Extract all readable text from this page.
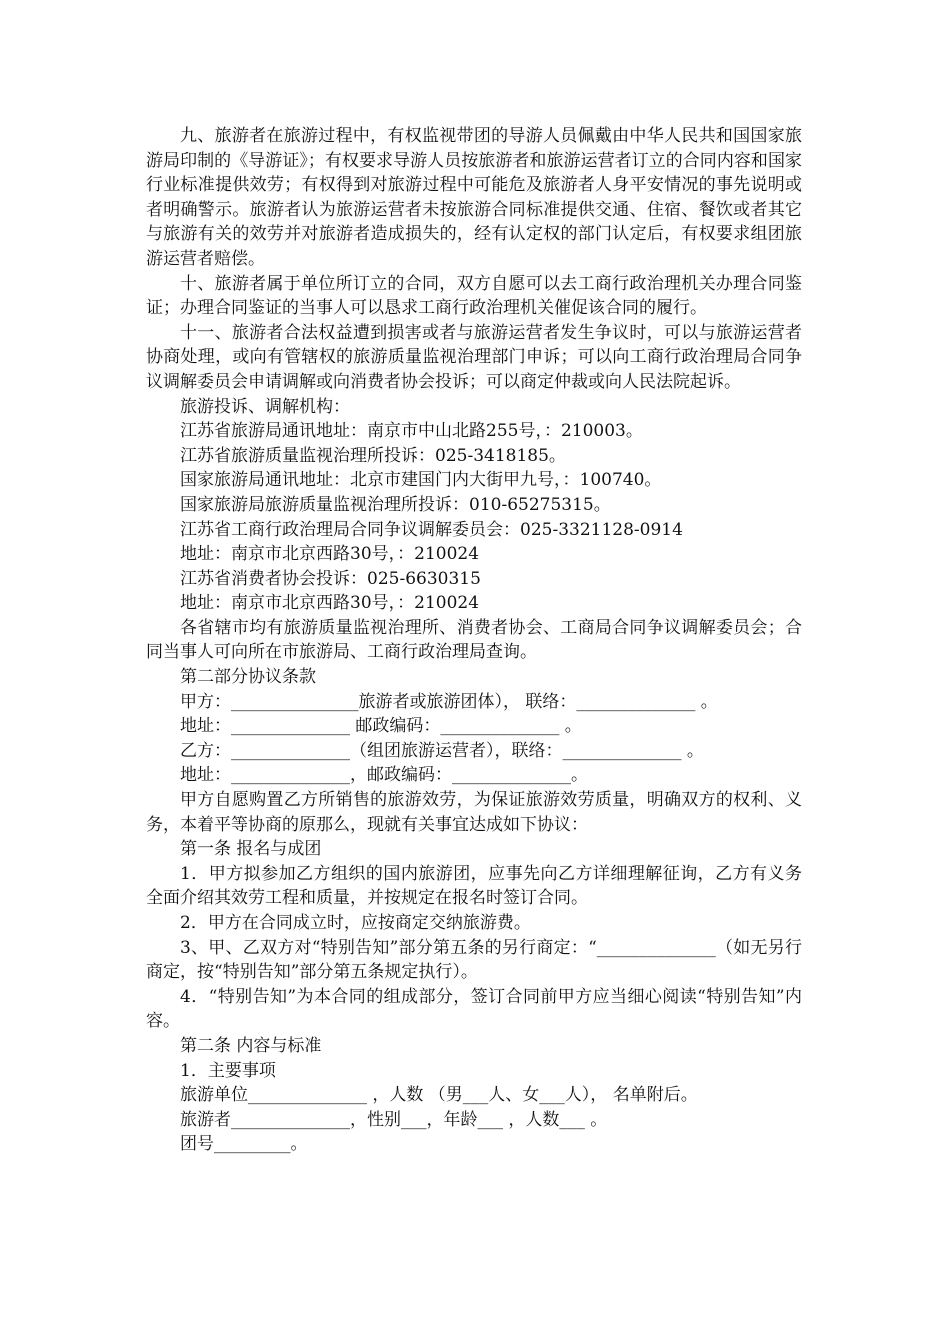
九、旅游者在旅游过程中，有权监视带团的导游人员佩戴由中华人民共和国国家旅游局印制的《导游证》；有权要求导游人员按旅游者和旅游运营者订立的合同内容和国家行业标准提供效劳；有权得到对旅游过程中可能危及旅游者人身平安情况的事先说明或者明确警示。旅游者认为旅游运营者未按旅游合同标准提供交通、住宿、餐饮或者其它与旅游有关的效劳并对旅游者造成损失的，经有认定权的部门认定后，有权要求组团旅游运营者赔偿。

十、旅游者属于单位所订立的合同，双方自愿可以去工商行政治理机关办理合同鉴证；办理合同鉴证的当事人可以恳求工商行政治理机关催促该合同的履行。

十一、旅游者合法权益遭到损害或者与旅游运营者发生争议时，可以与旅游运营者协商处理，或向有管辖权的旅游质量监视治理部门申诉；可以向工商行政治理局合同争议调解委员会申请调解或向消费者协会投诉；可以商定仲裁或向人民法院起诉。

旅游投诉、调解机构：

江苏省旅游局通讯地址：南京市中山北路255号，：210003。

江苏省旅游质量监视治理所投诉：025-3418185。

国家旅游局通讯地址：北京市建国门内大街甲九号，：100740。

国家旅游局旅游质量监视治理所投诉：010-65275315。

江苏省工商行政治理局合同争议调解委员会：025-3321128-0914

地址：南京市北京西路30号，：210024

江苏省消费者协会投诉：025-6630315

地址：南京市北京西路30号，：210024

各省辖市均有旅游质量监视治理所、消费者协会、工商局合同争议调解委员会；合同当事人可向所在市旅游局、工商行政治理局查询。

第二部分协议条款

甲方：_______________旅游者或旅游团体）， 联络：______________ 。

地址：______________ 邮政编码：______________ 。

乙方：______________（组团旅游运营者），联络：______________ 。

地址：______________，邮政编码：______________。

甲方自愿购置乙方所销售的旅游效劳，为保证旅游效劳质量，明确双方的权利、义务，本着平等协商的原那么，现就有关事宜达成如下协议：

第一条 报名与成团

1．甲方拟参加乙方组织的国内旅游团，应事先向乙方详细理解征询，乙方有义务全面介绍其效劳工程和质量，并按规定在报名时签订合同。

2．甲方在合同成立时，应按商定交纳旅游费。

3、甲、乙双方对“特别告知”部分第五条的另行商定：“______________（如无另行商定，按“特别告知”部分第五条规定执行）。

4．“特别告知”为本合同的组成部分，签订合同前甲方应当细心阅读“特别告知”内容。

第二条 内容与标准

1．主要事项

旅游单位______________ ，人数 （男___人、女___人）， 名单附后。

旅游者______________，性别___，年龄___ ，人数___ 。

团号_________。
